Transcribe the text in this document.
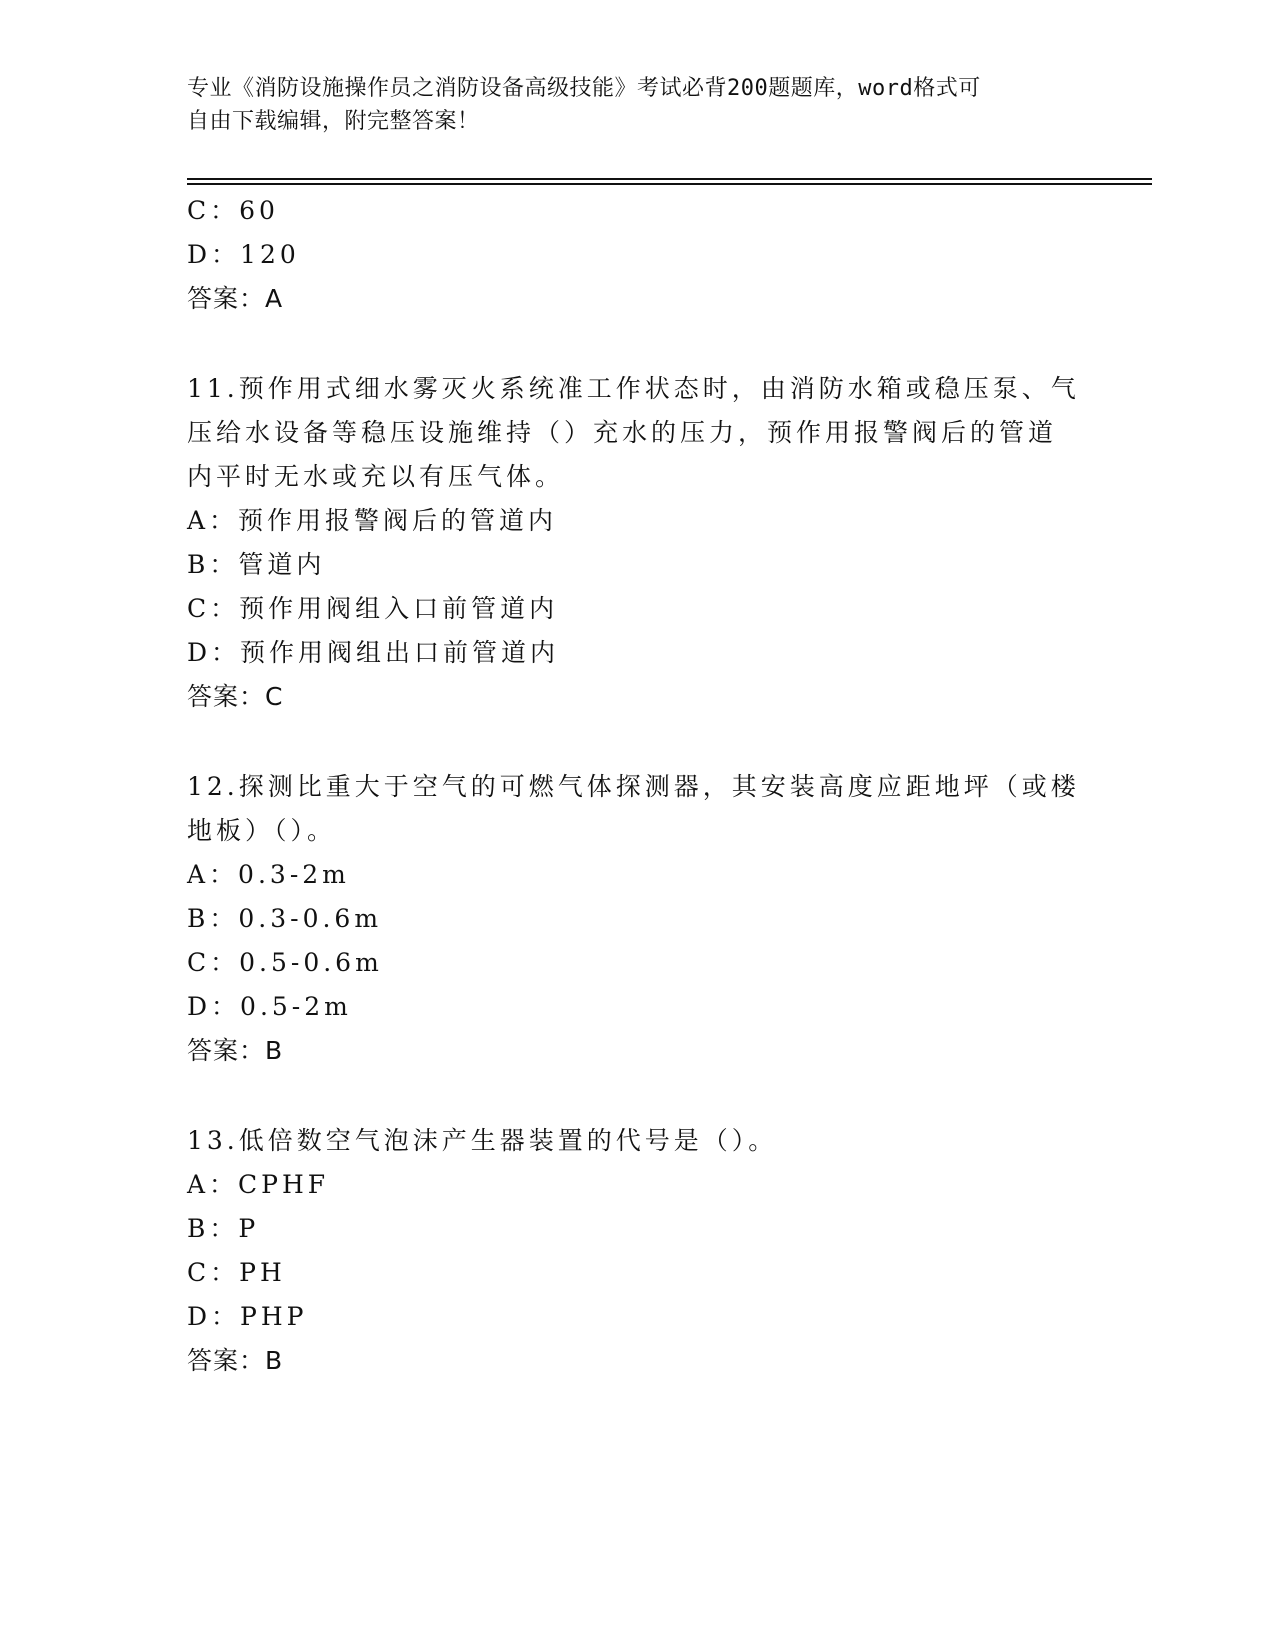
专业《消防设施操作员之消防设备高级技能》考试必背200题题库，word格式可
自由下载编辑，附完整答案！
C：60
D：120
答案：A
11.预作用式细水雾灭火系统准工作状态时，由消防水箱或稳压泵、气
压给水设备等稳压设施维持（）充水的压力，预作用报警阀后的管道
内平时无水或充以有压气体。
A：预作用报警阀后的管道内
B：管道内
C：预作用阀组入口前管道内
D：预作用阀组出口前管道内
答案：C
12.探测比重大于空气的可燃气体探测器，其安装高度应距地坪（或楼
地板）（）。
A：0.3-2m
B：0.3-0.6m
C：0.5-0.6m
D：0.5-2m
答案：B
13.低倍数空气泡沫产生器装置的代号是（）。
A：CPHF
B：P
C：PH
D：PHP
答案：B
